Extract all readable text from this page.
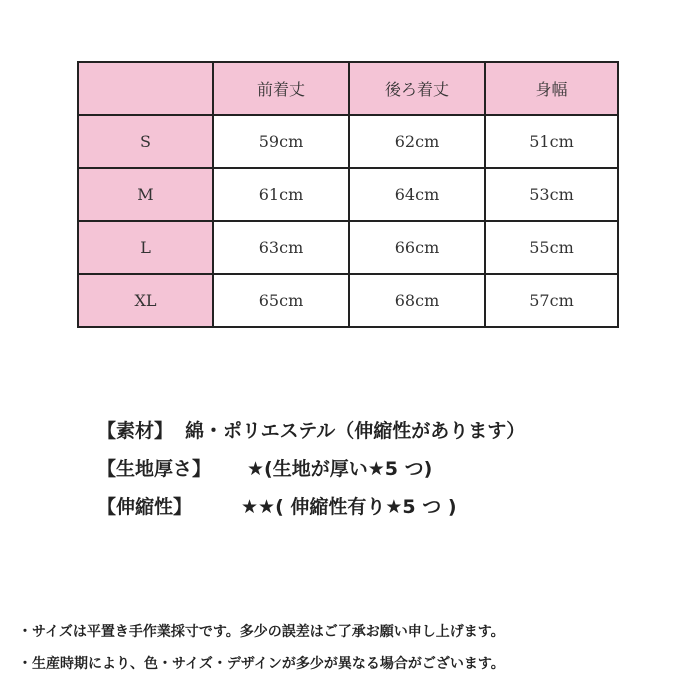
	前着丈	後ろ着丈	身幅
S	59cm	62cm	51cm
M	61cm	64cm	53cm
L	63cm	66cm	55cm
XL	65cm	68cm	57cm
【素材】 綿・ポリエステル（伸縮性があります）
【生地厚さ】 ★(生地が厚い★5 つ)
【伸縮性】	★★( 伸縮性有り★5 つ )
・サイズは平置き手作業採寸です。多少の誤差はご了承お願い申し上げます。
・生産時期により、色・サイズ・デザインが多少が異なる場合がございます。
